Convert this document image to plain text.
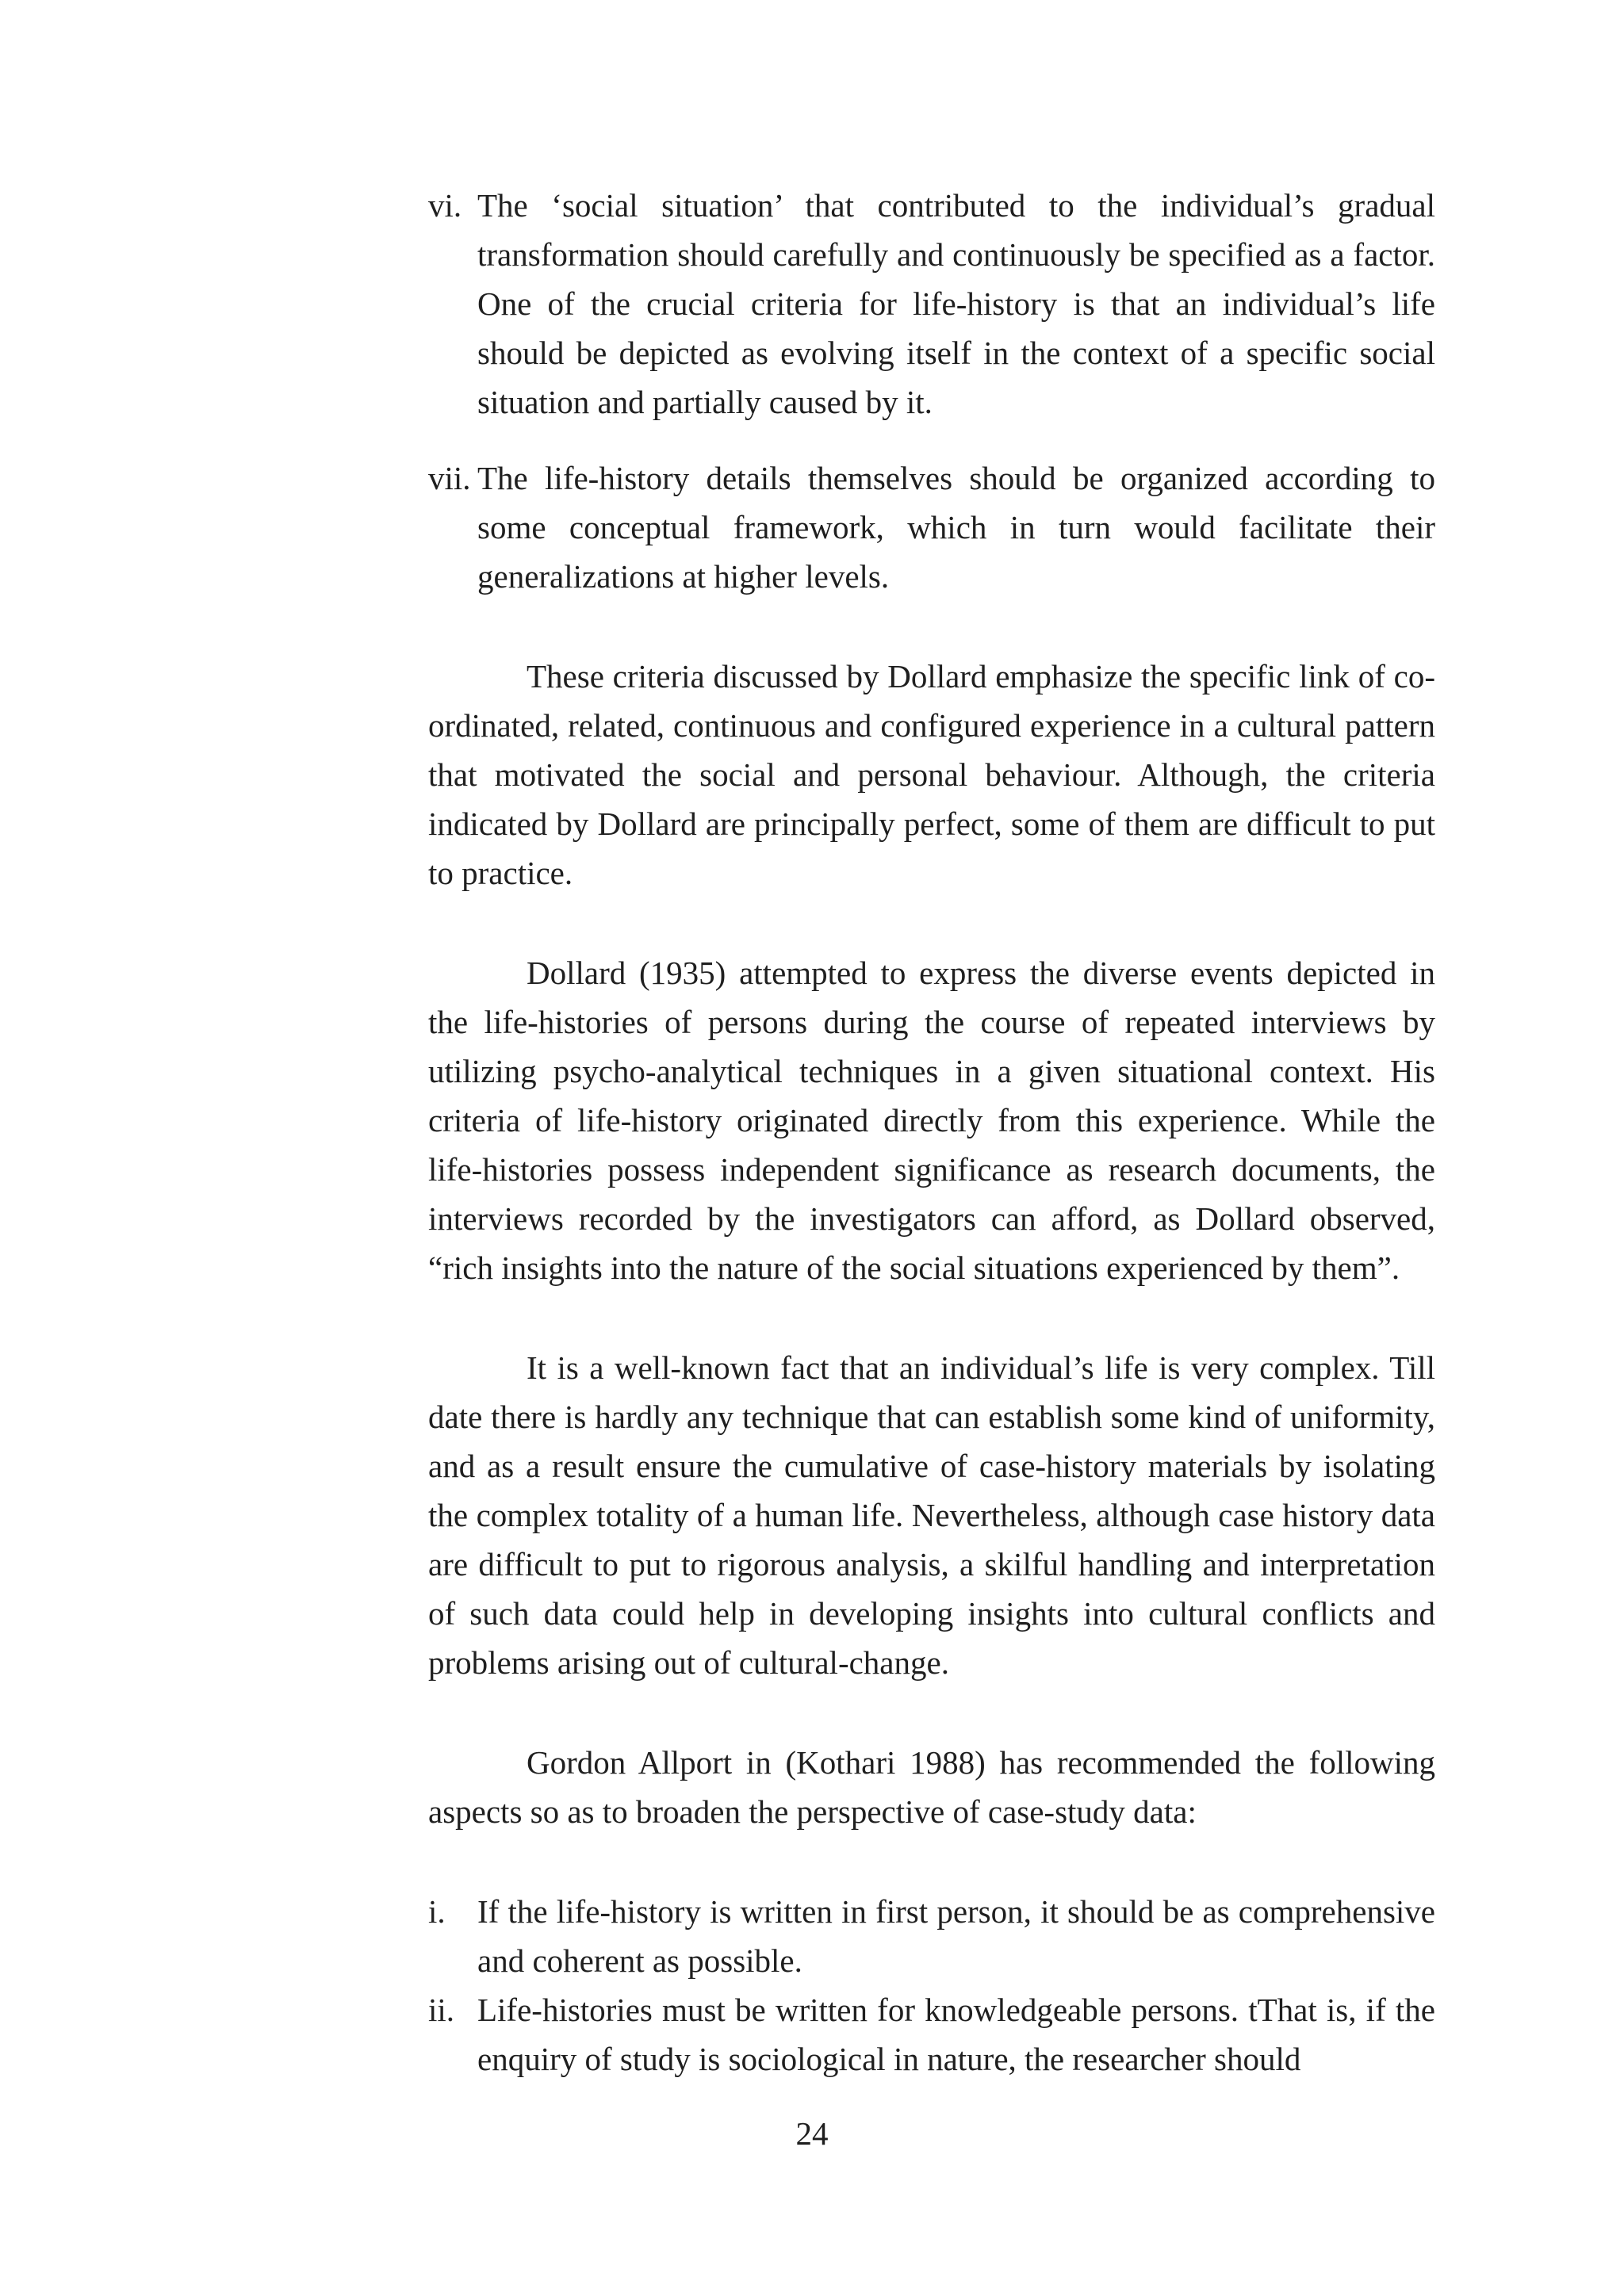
vi. The ‘social situation’ that contributed to the individual’s gradual transformation should carefully and continuously be specified as a factor. One of the crucial criteria for life-history is that an individual’s life should be depicted as evolving itself in the context of a specific social situation and partially caused by it.
vii. The life-history details themselves should be organized according to some conceptual framework, which in turn would facilitate their generalizations at higher levels.
These criteria discussed by Dollard emphasize the specific link of co-ordinated, related, continuous and configured experience in a cultural pattern that motivated the social and personal behaviour. Although, the criteria indicated by Dollard are principally perfect, some of them are difficult to put to practice.
Dollard (1935) attempted to express the diverse events depicted in the life-histories of persons during the course of repeated interviews by utilizing psycho-analytical techniques in a given situational context. His criteria of life-history originated directly from this experience. While the life-histories possess independent significance as research documents, the interviews recorded by the investigators can afford, as Dollard observed, “rich insights into the nature of the social situations experienced by them”.
It is a well-known fact that an individual’s life is very complex. Till date there is hardly any technique that can establish some kind of uniformity, and as a result ensure the cumulative of case-history materials by isolating the complex totality of a human life. Nevertheless, although case history data are difficult to put to rigorous analysis, a skilful handling and interpretation of such data could help in developing insights into cultural conflicts and problems arising out of cultural-change.
Gordon Allport in (Kothari 1988) has recommended the following aspects so as to broaden the perspective of case-study data:
i. If the life-history is written in first person, it should be as comprehensive and coherent as possible.
ii. Life-histories must be written for knowledgeable persons. tThat is, if the enquiry of study is sociological in nature, the researcher should
24
